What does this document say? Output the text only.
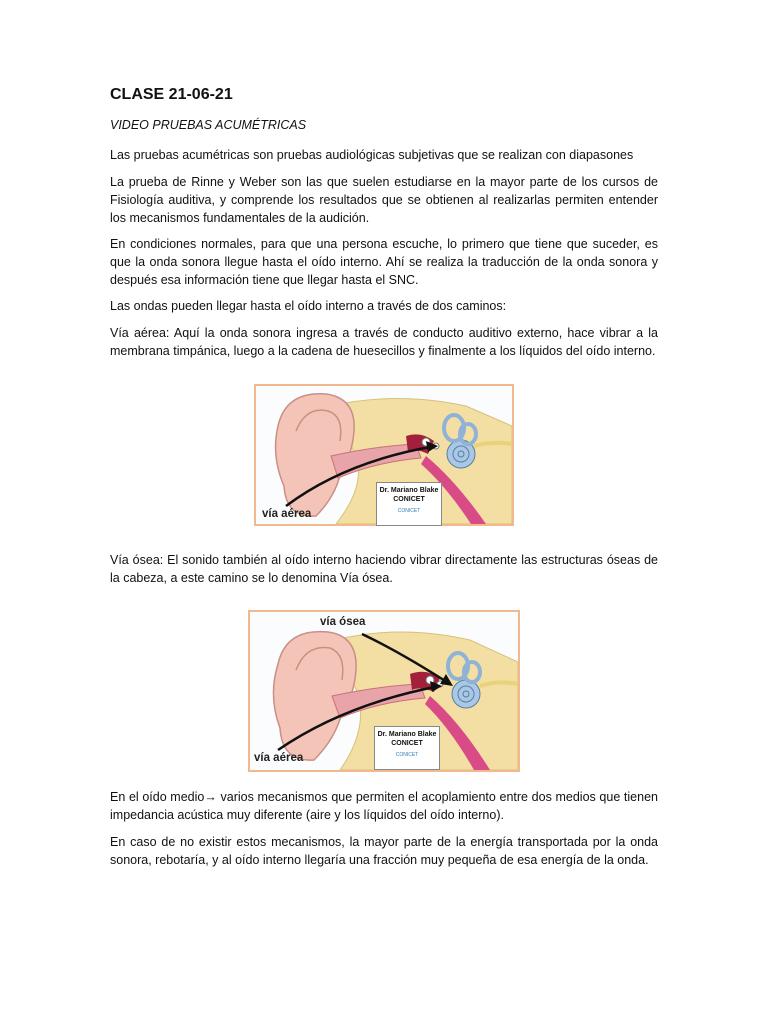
CLASE 21-06-21

VIDEO PRUEBAS ACUMÉTRICAS

Las pruebas acumétricas son pruebas audiológicas subjetivas que se realizan con diapasones

La prueba de Rinne y Weber son las que suelen estudiarse en la mayor parte de los cursos de Fisiología auditiva, y comprende los resultados que se obtienen al realizarlas permiten entender los mecanismos fundamentales de la audición.

En condiciones normales, para que una persona escuche, lo primero que tiene que suceder, es que la onda sonora llegue hasta el oído interno. Ahí se realiza la traducción de la onda sonora y después esa información tiene que llegar hasta el SNC.

Las ondas pueden llegar hasta el oído interno a través de dos caminos:

Vía aérea: Aquí la onda sonora ingresa a través de conducto auditivo externo, hace vibrar a la membrana timpánica, luego a la cadena de huesecillos y finalmente a los líquidos del oído interno.

vía aérea
Dr. Mariano Blake
CONICET
CONICET

Vía ósea: El sonido también al oído interno haciendo vibrar directamente las estructuras óseas de la cabeza, a este camino se lo denomina Vía ósea.

vía ósea
vía aérea
Dr. Mariano Blake
CONICET
CONICET

En el oído medio→ varios mecanismos que permiten el acoplamiento entre dos medios que tienen impedancia acústica muy diferente (aire y los líquidos del oído interno).

En caso de no existir estos mecanismos, la mayor parte de la energía transportada por la onda sonora, rebotaría, y al oído interno llegaría una fracción muy pequeña de esa energía de la onda.
